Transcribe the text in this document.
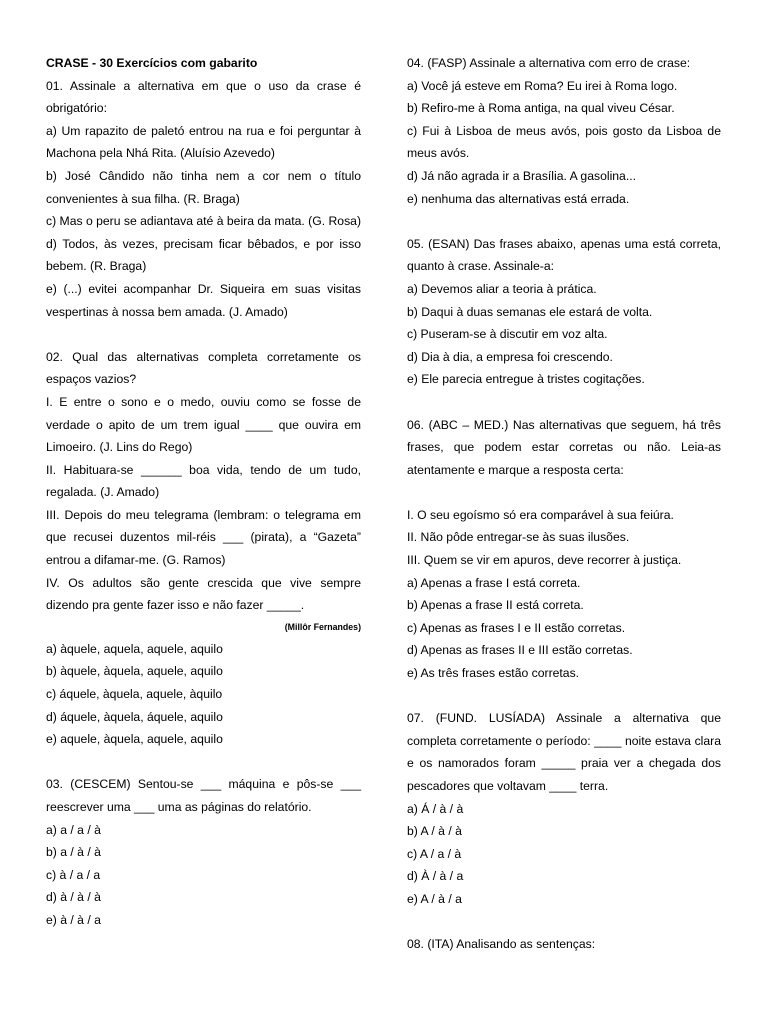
CRASE - 30 Exercícios com gabarito

01. Assinale a alternativa em que o uso da crase é obrigatório:

a) Um rapazito de paletó entrou na rua e foi perguntar à Machona pela Nhá Rita. (Aluísio Azevedo)

b) José Cândido não tinha nem a cor nem o título convenientes à sua filha. (R. Braga)

c) Mas o peru se adiantava até à beira da mata. (G. Rosa)

d) Todos, às vezes, precisam ficar bêbados, e por isso bebem. (R. Braga)

e) (...) evitei acompanhar Dr. Siqueira em suas visitas vespertinas à nossa bem amada. (J. Amado)

02. Qual das alternativas completa corretamente os espaços vazios?

I. E entre o sono e o medo, ouviu como se fosse de verdade o apito de um trem igual ____ que ouvira em Limoeiro. (J. Lins do Rego)

II. Habituara-se ______ boa vida, tendo de um tudo, regalada. (J. Amado)

III. Depois do meu telegrama (lembram: o telegrama em que recusei duzentos mil-réis ___ (pirata), a “Gazeta” entrou a difamar-me. (G. Ramos)

IV. Os adultos são gente crescida que vive sempre dizendo pra gente fazer isso e não fazer _____.

(Millôr Fernandes)

a) àquele, aquela, aquele, aquilo

b) àquele, àquela, aquele, aquilo

c) áquele, àquela, aquele, àquilo

d) áquele, àquela, áquele, aquilo

e) aquele, àquela, aquele, aquilo

03. (CESCEM) Sentou-se ___ máquina e pôs-se ___ reescrever uma ___ uma as páginas do relatório.

a) a / a / à

b) a / à / à

c) à / a / a

d) à / à / à

e) à / à / a

04. (FASP) Assinale a alternativa com erro de crase:

a) Você já esteve em Roma? Eu irei à Roma logo.

b) Refiro-me à Roma antiga, na qual viveu César.

c) Fui à Lisboa de meus avós, pois gosto da Lisboa de meus avós.

d) Já não agrada ir a Brasília. A gasolina...

e) nenhuma das alternativas está errada.

05. (ESAN) Das frases abaixo, apenas uma está correta, quanto à crase. Assinale-a:

a) Devemos aliar a teoria à prática.

b) Daqui à duas semanas ele estará de volta.

c) Puseram-se à discutir em voz alta.

d) Dia à dia, a empresa foi crescendo.

e) Ele parecia entregue à tristes cogitações.

06. (ABC – MED.) Nas alternativas que seguem, há três frases, que podem estar corretas ou não. Leia-as atentamente e marque a resposta certa:

I. O seu egoísmo só era comparável à sua feiúra.

II. Não pôde entregar-se às suas ilusões.

III. Quem se vir em apuros, deve recorrer à justiça.

a) Apenas a frase I está correta.

b) Apenas a frase II está correta.

c) Apenas as frases I e II estão corretas.

d) Apenas as frases II e III estão corretas.

e) As três frases estão corretas.

07. (FUND. LUSÍADA) Assinale a alternativa que completa corretamente o período: ____ noite estava clara e os namorados foram _____ praia ver a chegada dos pescadores que voltavam ____ terra.

a) Á / à / à

b) A / à / à

c) A / a / à

d) À / à / a

e) A / à / a

08. (ITA) Analisando as sentenças:
